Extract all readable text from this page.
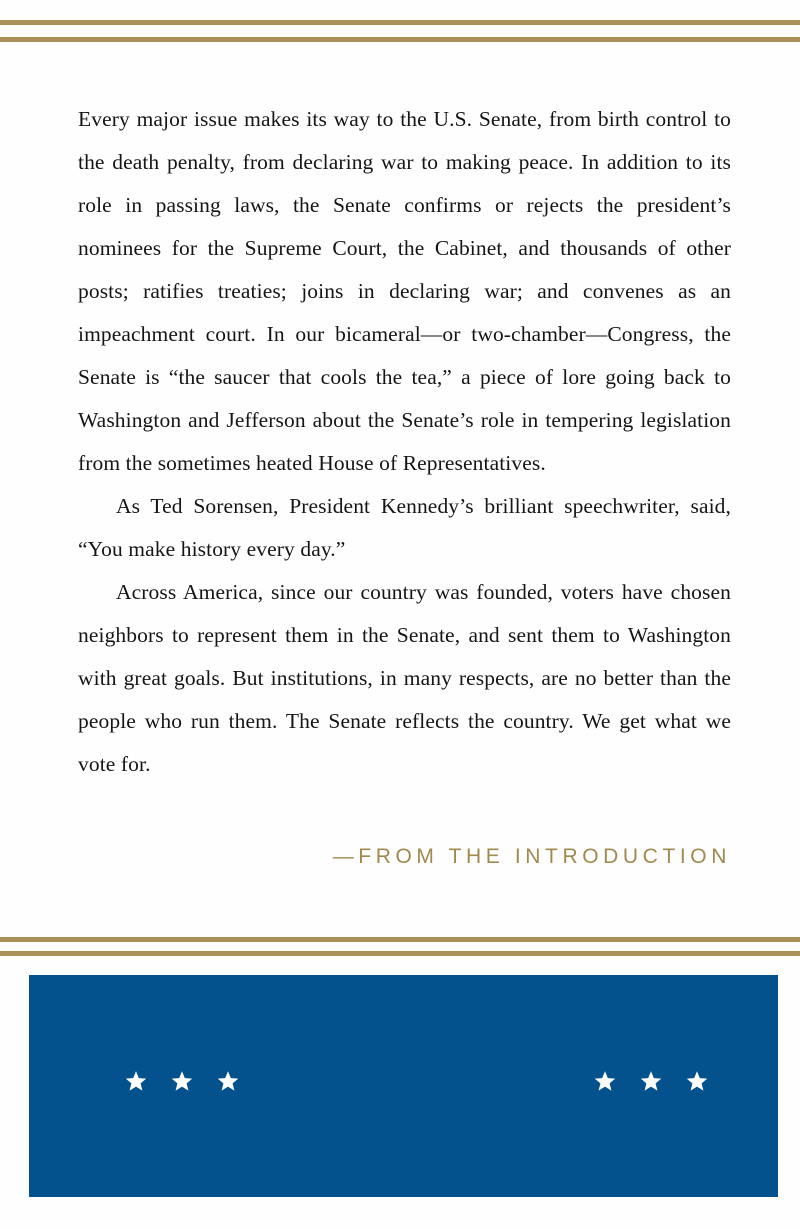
Every major issue makes its way to the U.S. Senate, from birth control to the death penalty, from declaring war to making peace. In addition to its role in passing laws, the Senate confirms or rejects the president’s nominees for the Supreme Court, the Cabinet, and thousands of other posts; ratifies treaties; joins in declaring war; and convenes as an impeachment court. In our bicameral—or two-chamber—Congress, the Senate is “the saucer that cools the tea,” a piece of lore going back to Washington and Jefferson about the Senate’s role in tempering legislation from the sometimes heated House of Representatives.

As Ted Sorensen, President Kennedy’s brilliant speechwriter, said, “You make history every day.”

Across America, since our country was founded, voters have chosen neighbors to represent them in the Senate, and sent them to Washington with great goals. But institutions, in many respects, are no better than the people who run them. The Senate reflects the country. We get what we vote for.

—FROM THE INTRODUCTION
